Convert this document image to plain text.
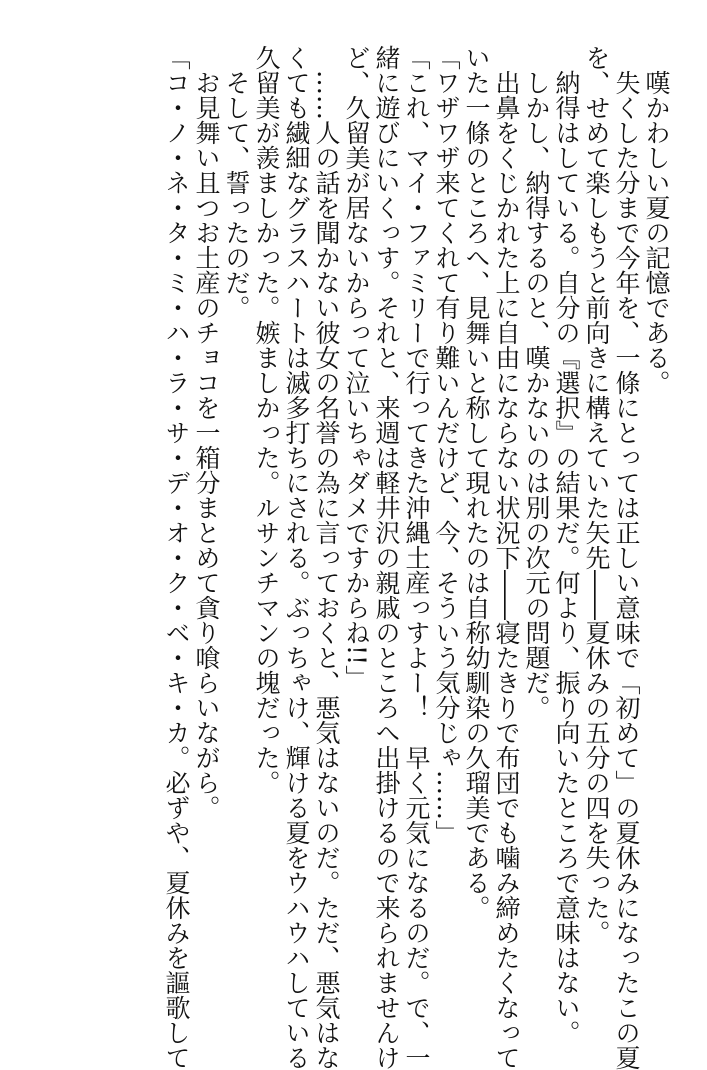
嘆かわしい夏の記憶である。
失くした分まで今年を、一條にとっては正しい意味で「初めて」の夏休みになったこの夏
を、せめて楽しもうと前向きに構えていた矢先――夏休みの五分の四を失った。
納得はしている。自分の『選択』の結果だ。何より、振り向いたところで意味はない。
しかし、納得するのと、嘆かないのは別の次元の問題だ。
出鼻をくじかれた上に自由にならない状況下――寝たきりで布団でも噛み締めたくなって
いた一條のところへ、見舞いと称して現れたのは自称幼馴染の久瑠美である。
「ワザワザ来てくれて有り難いんだけど、今、そういう気分じゃ……」
「これ、マイ・ファミリーで行ってきた沖縄土産っすよー！　早く元気になるのだ。で、一
緒に遊びにいくっす。それと、来週は軽井沢の親戚のところへ出掛けるので来られませんけ
ど、久留美が居ないからって泣いちゃダメですからね!!」
……人の話を聞かない彼女の名誉の為に言っておくと、悪気はないのだ。ただ、悪気はな
くても繊細なグラスハートは滅多打ちにされる。ぶっちゃけ、輝ける夏をウハウハしている
久留美が羨ましかった。嫉ましかった。ルサンチマンの塊だった。
そして、誓ったのだ。
お見舞い且つお土産のチョコを一箱分まとめて貪り喰らいながら。
「コ・ノ・ネ・タ・ミ・ハ・ラ・サ・デ・オ・ク・ベ・キ・カ。必ずや、夏休みを謳歌して
